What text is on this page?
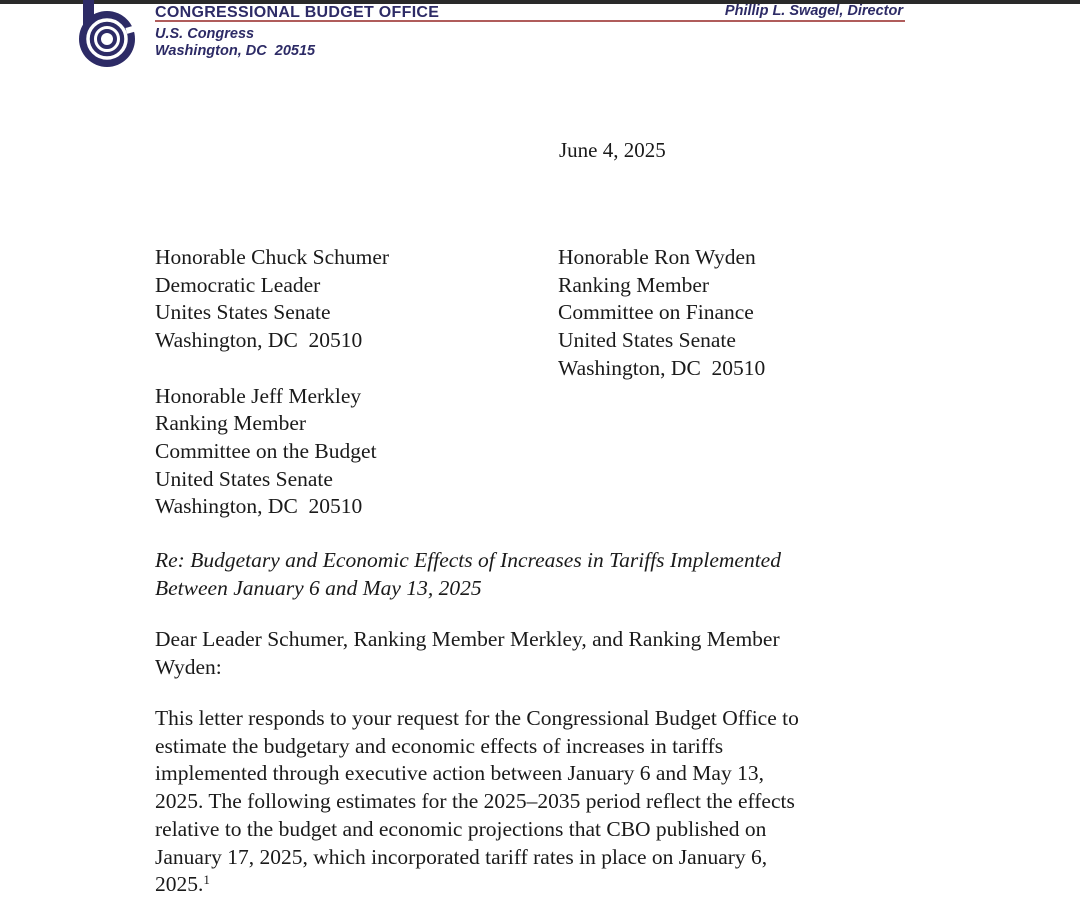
CONGRESSIONAL BUDGET OFFICE
U.S. Congress
Washington, DC  20515
Phillip L. Swagel, Director
June 4, 2025
Honorable Chuck Schumer
Democratic Leader
Unites States Senate
Washington, DC  20510
Honorable Jeff Merkley
Ranking Member
Committee on the Budget
United States Senate
Washington, DC  20510
Honorable Ron Wyden
Ranking Member
Committee on Finance
United States Senate
Washington, DC  20510
Re: Budgetary and Economic Effects of Increases in Tariffs Implemented
Between January 6 and May 13, 2025
Dear Leader Schumer, Ranking Member Merkley, and Ranking Member
Wyden:
This letter responds to your request for the Congressional Budget Office to
estimate the budgetary and economic effects of increases in tariffs
implemented through executive action between January 6 and May 13,
2025. The following estimates for the 2025–2035 period reflect the effects
relative to the budget and economic projections that CBO published on
January 17, 2025, which incorporated tariff rates in place on January 6,
2025.$^1$
